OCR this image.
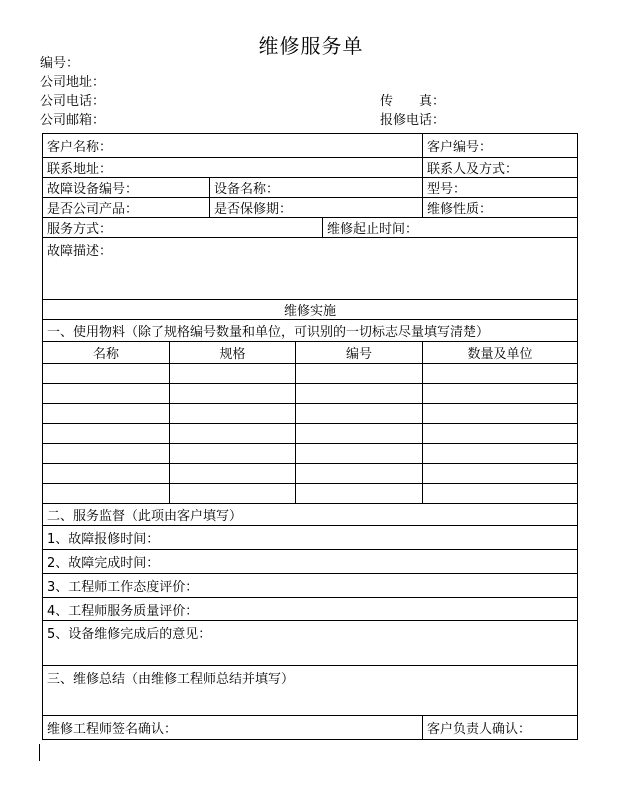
维修服务单
编号：
公司地址：
公司电话：	传　　真：
公司邮箱：	报修电话：
客户名称：					客户编号：
联系地址：					联系人及方式：
故障设备编号：		设备名称：			型号：
是否公司产品：		是否保修期：			维修性质：
服务方式：				维修起止时间：	
故障描述：					
维修实施					
一、使用物料（除了规格编号数量和单位，可识别的一切标志尽量填写清楚）					
名称	规格		编号		数量及单位

二、服务监督（此项由客户填写）					
1、故障报修时间：					
2、故障完成时间：					
3、工程师工作态度评价：					
4、工程师服务质量评价：					
5、设备维修完成后的意见：					
三、维修总结（由维修工程师总结并填写）					
维修工程师签名确认：					客户负责人确认：
